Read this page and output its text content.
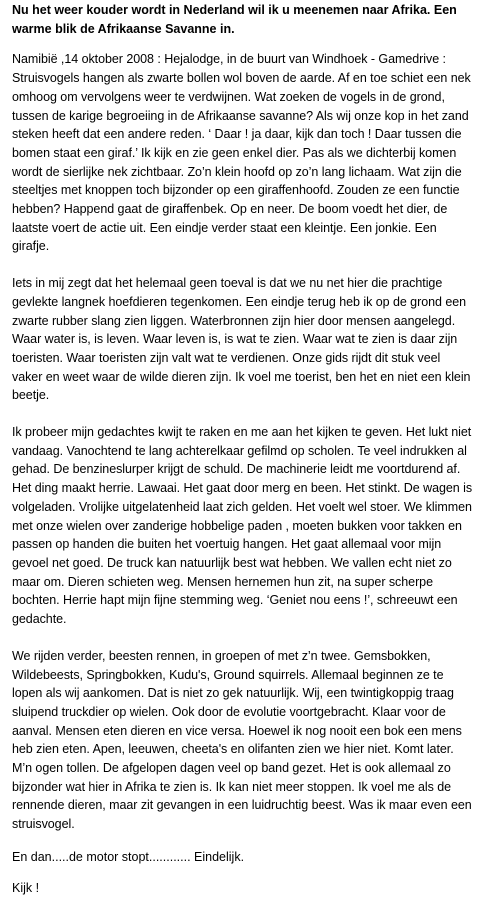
Nu het weer kouder wordt in Nederland wil ik u meenemen naar Afrika. Een warme blik de Afrikaanse Savanne in.

Namibië ,14 oktober 2008 : Hejalodge, in de buurt van Windhoek - Gamedrive : Struisvogels hangen als zwarte bollen wol boven de aarde. Af en toe schiet een nek omhoog om vervolgens weer te verdwijnen. Wat zoeken de vogels in de grond, tussen de karige begroeiing in de Afrikaanse savanne? Als wij onze kop in het zand steken heeft dat een andere reden. ‘ Daar ! ja daar, kijk dan toch ! Daar tussen die bomen staat een giraf.’ Ik kijk en zie geen enkel dier. Pas als we dichterbij komen wordt de sierlijke nek zichtbaar. Zo’n klein hoofd op zo’n lang lichaam. Wat zijn die steeltjes met knoppen toch bijzonder op een giraffenhoofd. Zouden ze een functie hebben? Happend gaat de giraffenbek. Op en neer. De boom voedt het dier, de laatste voert de actie uit. Een eindje verder staat een kleintje. Een jonkie. Een girafje.

Iets in mij zegt dat het helemaal geen toeval is dat we nu net hier die prachtige gevlekte langnek hoefdieren tegenkomen. Een eindje terug heb ik op de grond een zwarte rubber slang zien liggen. Waterbronnen zijn hier door mensen aangelegd. Waar water is, is leven. Waar leven is, is wat te zien. Waar wat te zien is daar zijn toeristen. Waar toeristen zijn valt wat te verdienen. Onze gids rijdt dit stuk veel vaker en weet waar de wilde dieren zijn. Ik voel me toerist, ben het en niet een klein beetje.

Ik probeer mijn gedachtes kwijt te raken en me aan het kijken te geven. Het lukt niet vandaag. Vanochtend te lang achterelkaar gefilmd op scholen. Te veel indrukken al gehad. De benzineslurper krijgt de schuld. De machinerie leidt me voortdurend af. Het ding maakt herrie. Lawaai. Het gaat door merg en been. Het stinkt. De wagen is volgeladen. Vrolijke uitgelatenheid laat zich gelden. Het voelt wel stoer. We klimmen met onze wielen over zanderige hobbelige paden , moeten bukken voor takken en passen op handen die buiten het voertuig hangen. Het gaat allemaal voor mijn gevoel net goed. De truck kan natuurlijk best wat hebben. We vallen echt niet zo maar om. Dieren schieten weg. Mensen hernemen hun zit, na super scherpe bochten. Herrie hapt mijn fijne stemming weg. ‘Geniet nou eens !’, schreeuwt een gedachte.

We rijden verder, beesten rennen, in groepen of met z’n twee. Gemsbokken, Wildebeests, Springbokken, Kudu's, Ground squirrels. Allemaal beginnen ze te lopen als wij aankomen. Dat is niet zo gek natuurlijk. Wij, een twintigkoppig traag sluipend truckdier op wielen. Ook door de evolutie voortgebracht. Klaar voor de aanval. Mensen eten dieren en vice versa. Hoewel ik nog nooit een bok een mens heb zien eten. Apen, leeuwen, cheeta's en olifanten zien we hier niet. Komt later. M’n ogen tollen. De afgelopen dagen veel op band gezet. Het is ook allemaal zo bijzonder wat hier in Afrika te zien is. Ik kan niet meer stoppen. Ik voel me als de rennende dieren, maar zit gevangen in een luidruchtig beest. Was ik maar even een struisvogel.

En dan.....de motor stopt............ Eindelijk.

Kijk !
